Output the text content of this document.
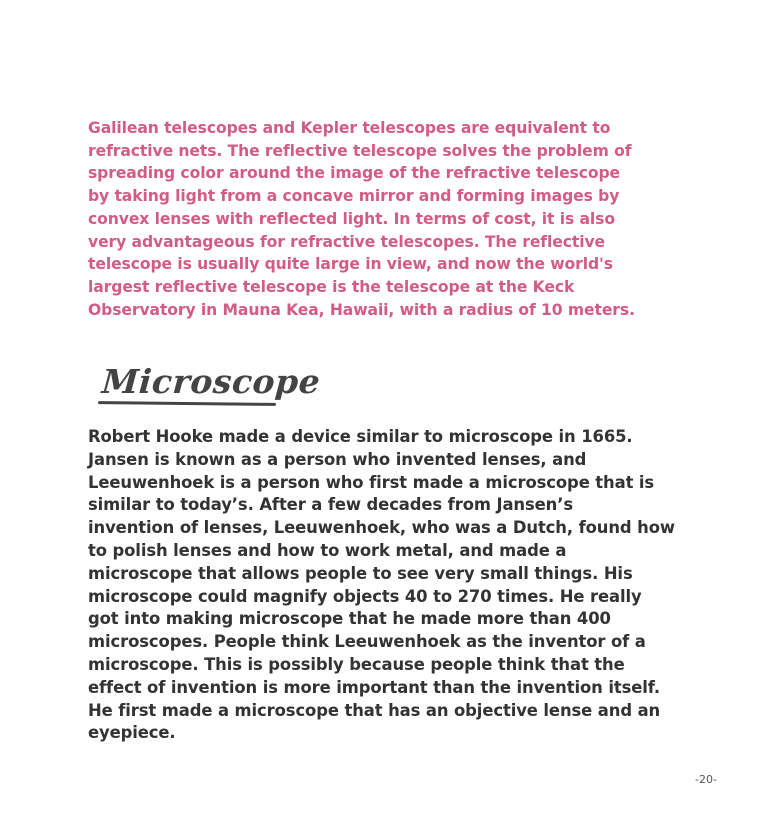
Galilean telescopes and Kepler telescopes are equivalent to
refractive nets. The reflective telescope solves the problem of
spreading color around the image of the refractive telescope
by taking light from a concave mirror and forming images by
convex lenses with reflected light. In terms of cost, it is also
very advantageous for refractive telescopes. The reflective
telescope is usually quite large in view, and now the world's
largest reflective telescope is the telescope at the Keck
Observatory in Mauna Kea, Hawaii, with a radius of 10 meters.
Microscope
Robert Hooke made a device similar to microscope in 1665.
Jansen is known as a person who invented lenses, and
Leeuwenhoek is a person who first made a microscope that is
similar to today’s. After a few decades from Jansen’s
invention of lenses, Leeuwenhoek, who was a Dutch, found how
to polish lenses and how to work metal, and made a
microscope that allows people to see very small things. His
microscope could magnify objects 40 to 270 times. He really
got into making microscope that he made more than 400
microscopes. People think Leeuwenhoek as the inventor of a
microscope. This is possibly because people think that the
effect of invention is more important than the invention itself.
He first made a microscope that has an objective lense and an
eyepiece.
-20-
